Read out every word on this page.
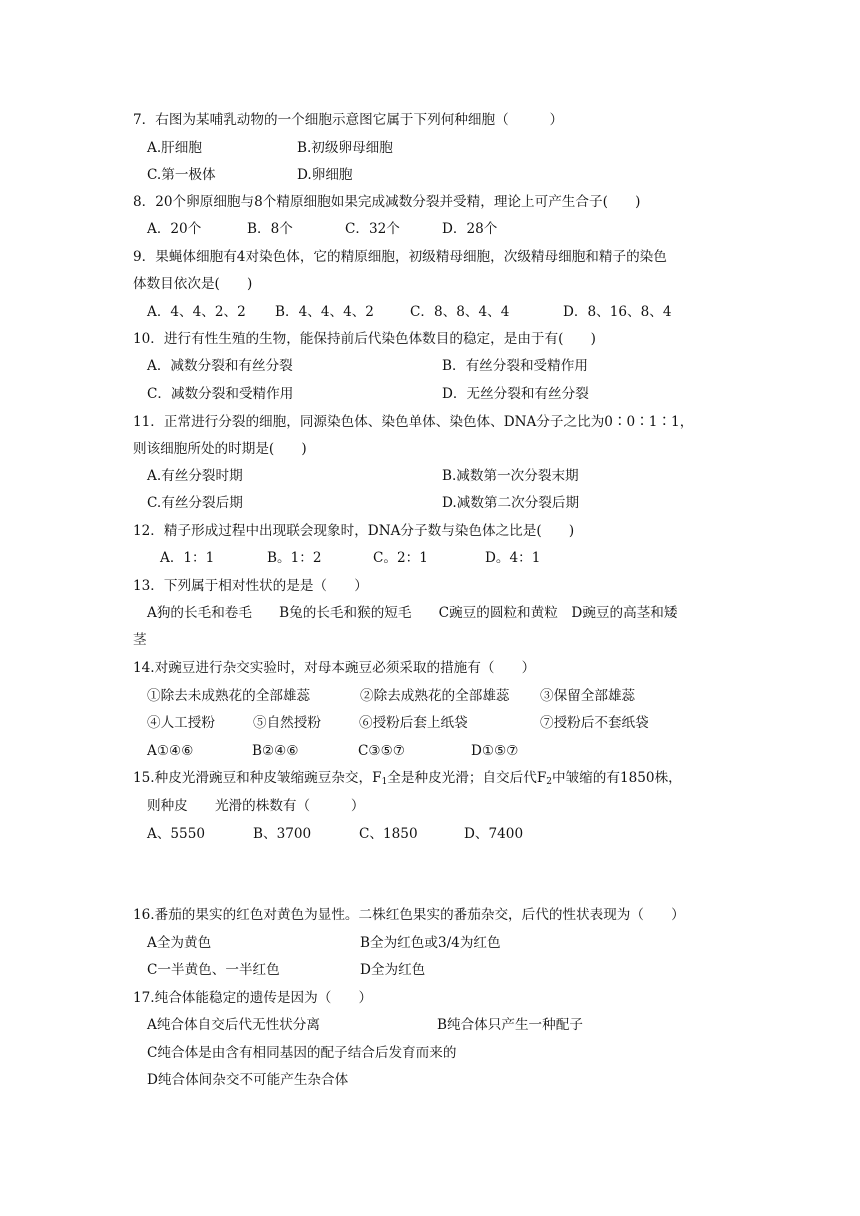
7．右图为某哺乳动物的一个细胞示意图它属于下列何种细胞（　　　）
A.肝细胞	B.初级卵母细胞
C.第一极体	D.卵细胞
8．20个卵原细胞与8个精原细胞如果完成减数分裂并受精，理论上可产生合子(　　)
A．20个	B．8个	C．32个	D．28个
9．果蝇体细胞有4对染色体，它的精原细胞，初级精母细胞，次级精母细胞和精子的染色
体数目依次是(　　)
A．4、4、2、2 B．4、4、4、2	C．8、8、4、4	D．8、16、8、4
10．进行有性生殖的生物，能保持前后代染色体数目的稳定，是由于有(　　)
A．减数分裂和有丝分裂	B．有丝分裂和受精作用
C．减数分裂和受精作用	D．无丝分裂和有丝分裂
11．正常进行分裂的细胞，同源染色体、染色单体、染色体、DNA分子之比为0∶0∶1∶1，
则该细胞所处的时期是(　　)
A.有丝分裂时期	B.减数第一次分裂末期
C.有丝分裂后期	D.减数第二次分裂后期
12．精子形成过程中出现联会现象时，DNA分子数与染色体之比是(　　)
A．1：1	B。1：2	C。2：1	D。4：1
13．下列属于相对性状的是是（　　）
A狗的长毛和卷毛　　B兔的长毛和猴的短毛　　C豌豆的圆粒和黄粒　D豌豆的高茎和矮
茎
14.对豌豆进行杂交实验时，对母本豌豆必须采取的措施有（　　）
①除去未成熟花的全部雄蕊	②除去成熟花的全部雄蕊 ③保留全部雄蕊
④人工授粉	⑤自然授粉	⑥授粉后套上纸袋	⑦授粉后不套纸袋
A①④⑥	B②④⑥	C③⑤⑦	D①⑤⑦
15.种皮光滑豌豆和种皮皱缩豌豆杂交，$F_1$全是种皮光滑；自交后代$F_2$中皱缩的有1850株，
则种皮　　光滑的株数有（　　　）
A、5550	B、3700	C、1850	D、7400
16.番茄的果实的红色对黄色为显性。二株红色果实的番茄杂交，后代的性状表现为（　　）
A全为黄色	B全为红色或3/4为红色
C一半黄色、一半红色	D全为红色
17.纯合体能稳定的遗传是因为（　　）
A纯合体自交后代无性状分离	B纯合体只产生一种配子
C纯合体是由含有相同基因的配子结合后发育而来的
D纯合体间杂交不可能产生杂合体
